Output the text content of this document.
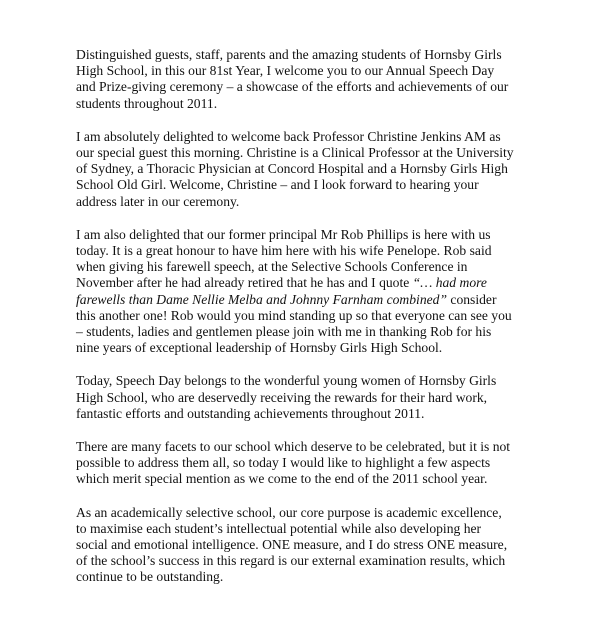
Distinguished guests, staff, parents and the amazing students of Hornsby Girls
High School, in this our 81st Year, I welcome you to our Annual Speech Day
and Prize-giving ceremony – a showcase of the efforts and achievements of our
students throughout 2011.

I am absolutely delighted to welcome back Professor Christine Jenkins AM as
our special guest this morning. Christine is a Clinical Professor at the University
of Sydney, a Thoracic Physician at Concord Hospital and a Hornsby Girls High
School Old Girl. Welcome, Christine – and I look forward to hearing your
address later in our ceremony.

I am also delighted that our former principal Mr Rob Phillips is here with us
today. It is a great honour to have him here with his wife Penelope. Rob said
when giving his farewell speech, at the Selective Schools Conference in
November after he had already retired that he has and I quote “… had more
farewells than Dame Nellie Melba and Johnny Farnham combined” consider
this another one! Rob would you mind standing up so that everyone can see you
– students, ladies and gentlemen please join with me in thanking Rob for his
nine years of exceptional leadership of Hornsby Girls High School.

Today, Speech Day belongs to the wonderful young women of Hornsby Girls
High School, who are deservedly receiving the rewards for their hard work,
fantastic efforts and outstanding achievements throughout 2011.

There are many facets to our school which deserve to be celebrated, but it is not
possible to address them all, so today I would like to highlight a few aspects
which merit special mention as we come to the end of the 2011 school year.

As an academically selective school, our core purpose is academic excellence,
to maximise each student’s intellectual potential while also developing her
social and emotional intelligence. ONE measure, and I do stress ONE measure,
of the school’s success in this regard is our external examination results, which
continue to be outstanding.
